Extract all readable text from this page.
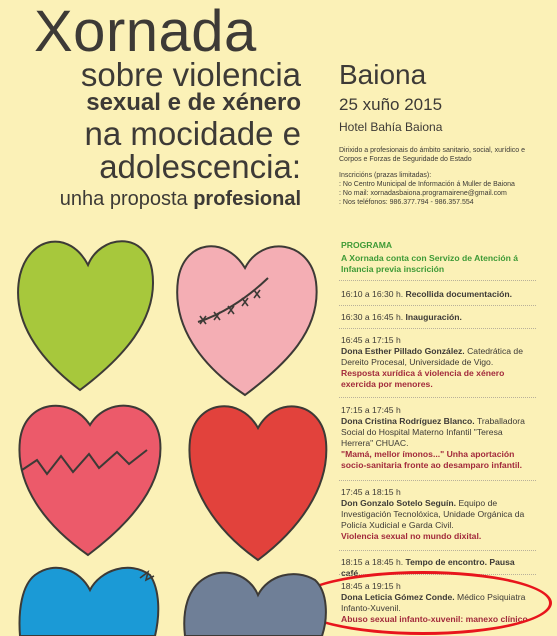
Xornada
sobre violencia
sexual e de xénero
na mocidade e
adolescencia:
unha proposta profesional
Baiona
25 xuño 2015
Hotel Bahía Baiona
Dirixido a profesionais do ámbito sanitario, social, xurídico e Corpos e Forzas de Seguridade do Estado
Inscricións (prazas limitadas):
: No Centro Municipal de Información á Muller de Baiona
: No mail: xornadasbaiona.programairene@gmail.com
: Nos teléfonos: 986.377.794 - 986.357.554
PROGRAMA
A Xornada conta con Servizo de Atención á Infancia previa inscrición
16:10 a 16:30 h. Recollida documentación.
16:30 a 16:45 h. Inauguración.
16:45 a 17:15 h
Dona Esther Pillado González. Catedrática de Dereito Procesal, Universidade de Vigo.
Resposta xurídica á violencia de xénero exercida por menores.
17:15 a 17:45 h
Dona Cristina Rodríguez Blanco. Traballadora Social do Hospital Materno Infantil "Teresa Herrera" CHUAC.
"Mamá, mellor ímonos..." Unha aportación socio-sanitaria fronte ao desamparo infantil.
17:45 a 18:15 h
Don Gonzalo Sotelo Seguín. Equipo de Investigación Tecnolóxica, Unidade Orgánica da Policía Xudicial e Garda Civil.
Violencia sexual no mundo dixital.
18:15 a 18:45 h. Tempo de encontro. Pausa café.
18:45 a 19:15 h
Dona Leticia Gómez Conde. Médico Psiquiatra Infanto-Xuvenil.
Abuso sexual infanto-xuvenil: manexo clínico
